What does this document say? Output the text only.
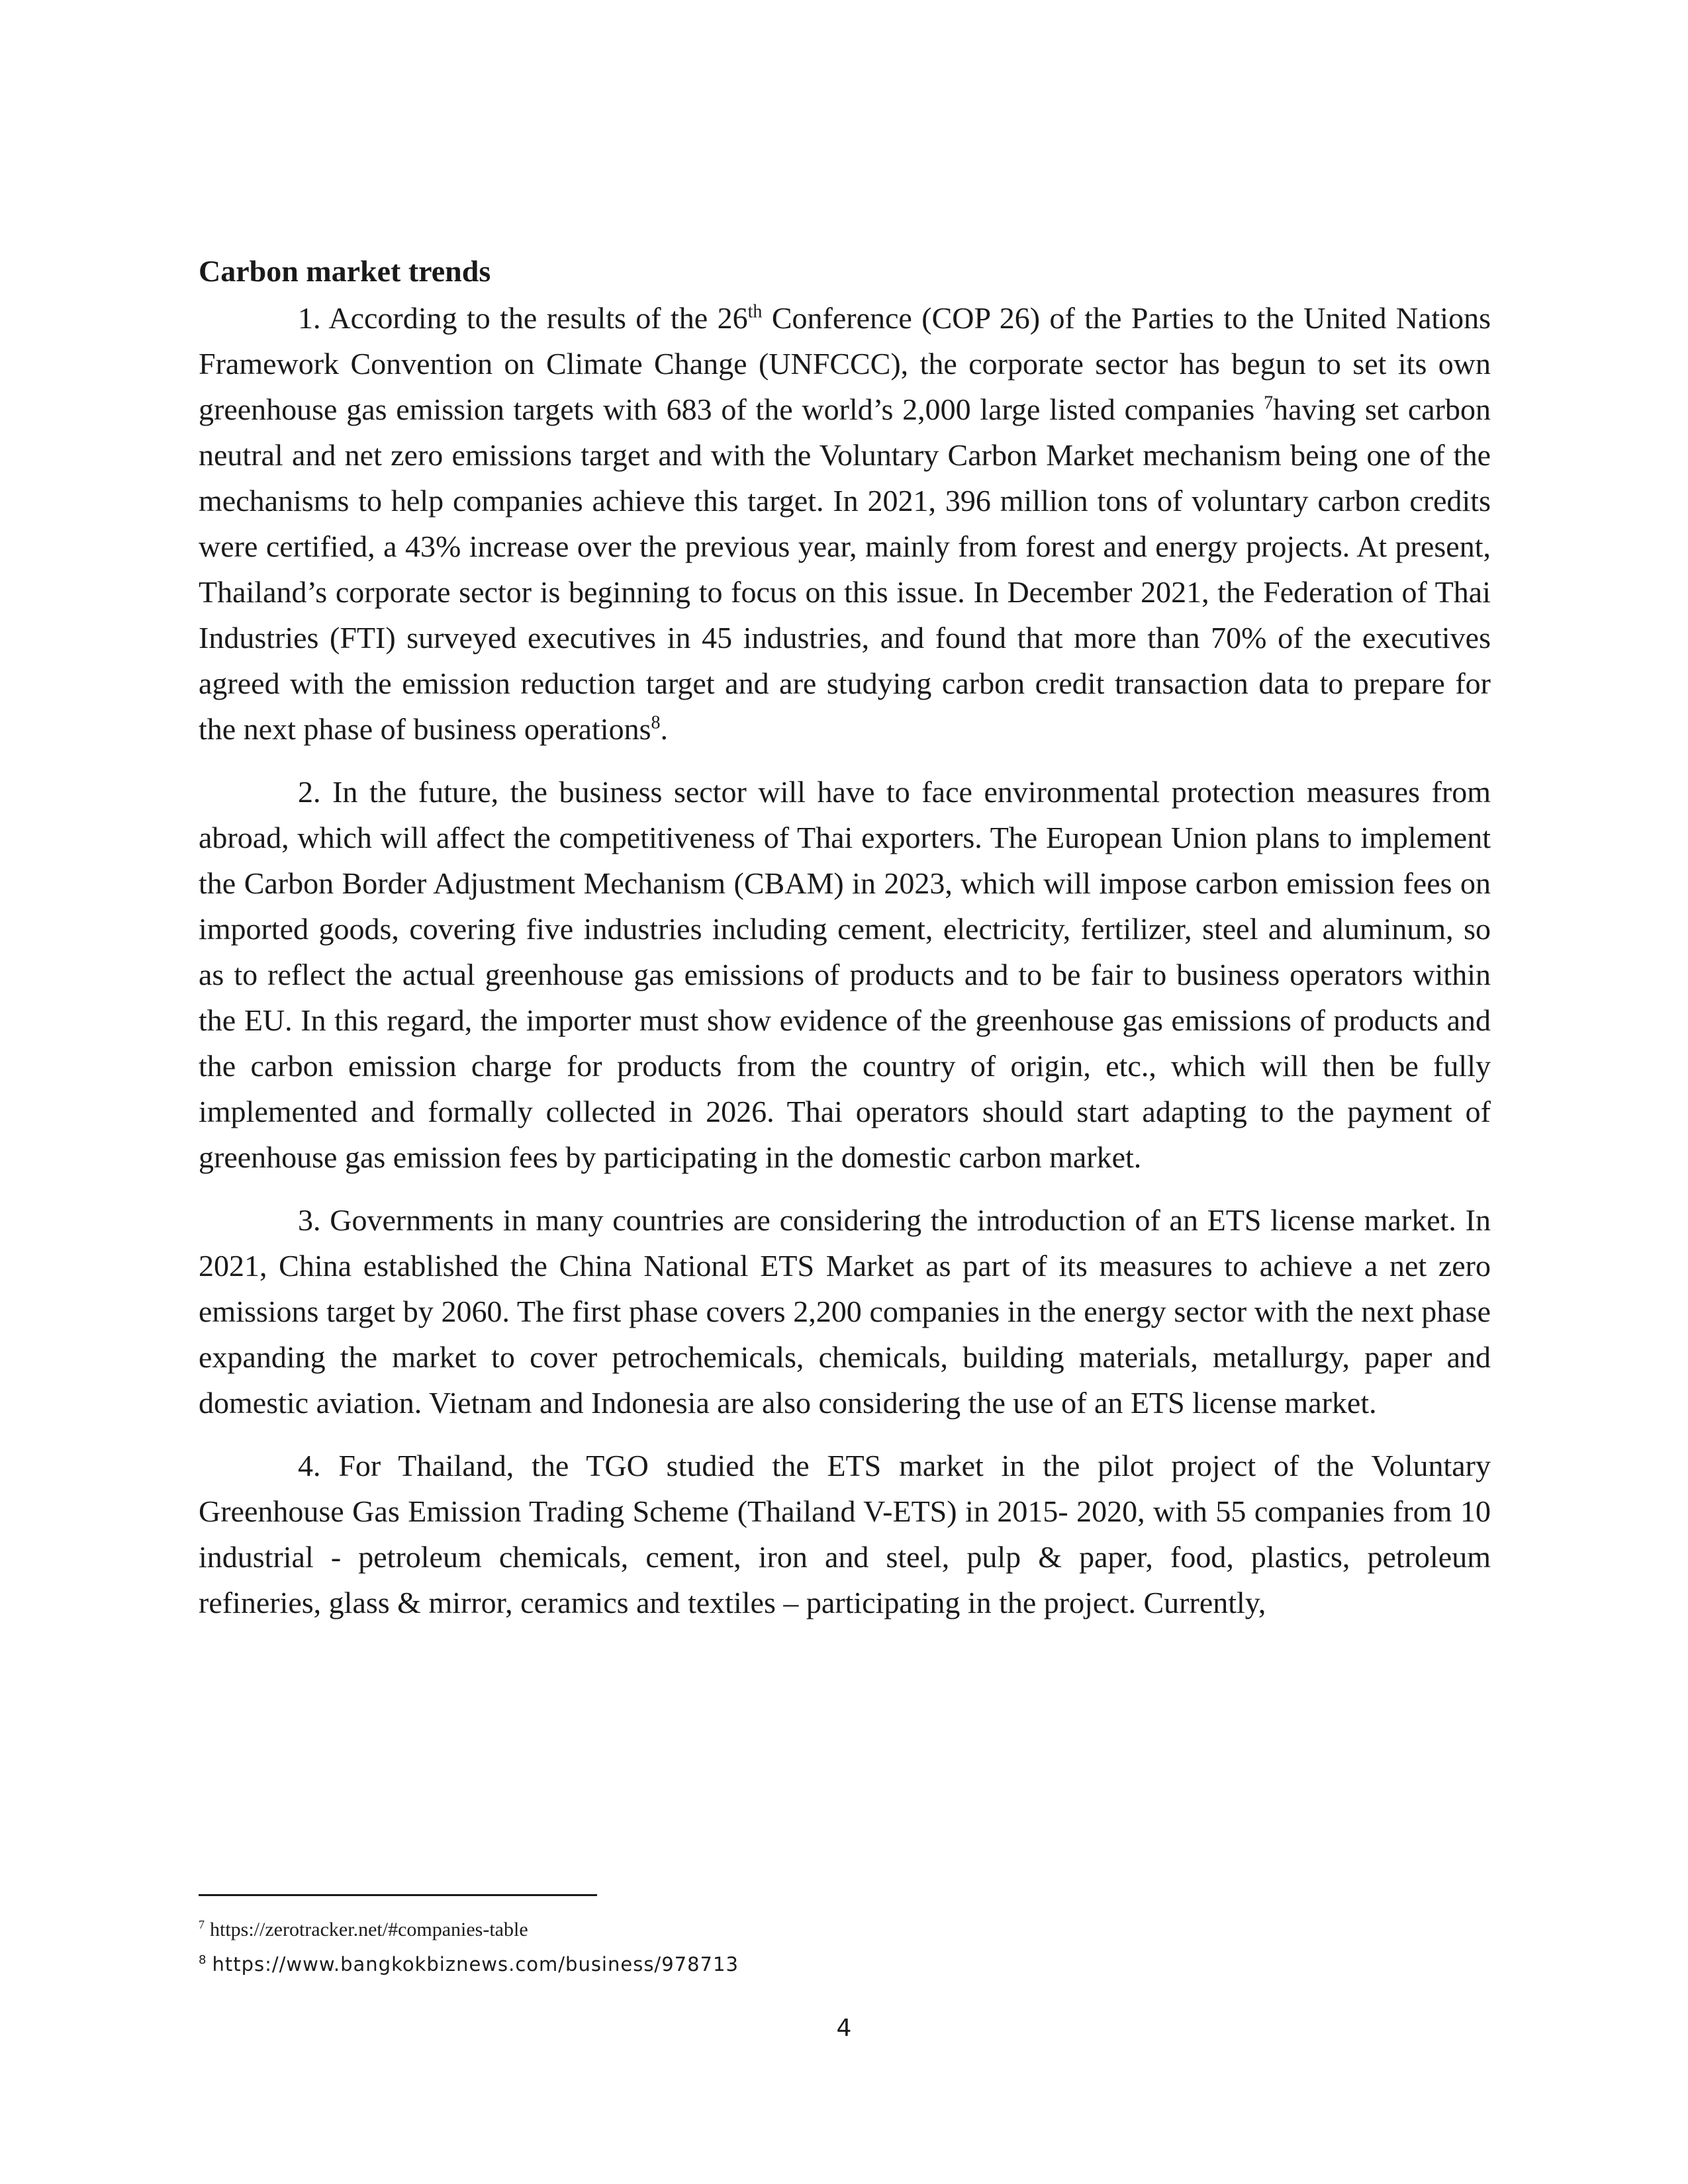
Carbon market trends

1. According to the results of the 26th Conference (COP 26) of the Parties to the United Nations Framework Convention on Climate Change (UNFCCC), the corporate sector has begun to set its own greenhouse gas emission targets with 683 of the world’s 2,000 large listed companies $^7$having set carbon neutral and net zero emissions target and with the Voluntary Carbon Market mechanism being one of the mechanisms to help companies achieve this target. In 2021, 396 million tons of voluntary carbon credits were certified, a 43% increase over the previous year, mainly from forest and energy projects. At present, Thailand’s corporate sector is beginning to focus on this issue. In December 2021, the Federation of Thai Industries (FTI) surveyed executives in 45 industries, and found that more than 70% of the executives agreed with the emission reduction target and are studying carbon credit transaction data to prepare for the next phase of business operations$^8$.

2. In the future, the business sector will have to face environmental protection measures from abroad, which will affect the competitiveness of Thai exporters. The European Union plans to implement the Carbon Border Adjustment Mechanism (CBAM) in 2023, which will impose carbon emission fees on imported goods, covering five industries including cement, electricity, fertilizer, steel and aluminum, so as to reflect the actual greenhouse gas emissions of products and to be fair to business operators within the EU. In this regard, the importer must show evidence of the greenhouse gas emissions of products and the carbon emission charge for products from the country of origin, etc., which will then be fully implemented and formally collected in 2026. Thai operators should start adapting to the payment of greenhouse gas emission fees by participating in the domestic carbon market.

3. Governments in many countries are considering the introduction of an ETS license market. In 2021, China established the China National ETS Market as part of its measures to achieve a net zero emissions target by 2060. The first phase covers 2,200 companies in the energy sector with the next phase expanding the market to cover petrochemicals, chemicals, building materials, metallurgy, paper and domestic aviation. Vietnam and Indonesia are also considering the use of an ETS license market.

4. For Thailand, the TGO studied the ETS market in the pilot project of the Voluntary Greenhouse Gas Emission Trading Scheme (Thailand V-ETS) in 2015- 2020, with 55 companies from 10 industrial - petroleum chemicals, cement, iron and steel, pulp & paper, food, plastics, petroleum refineries, glass & mirror, ceramics and textiles – participating in the project. Currently,

$^7$ https://zerotracker.net/#companies-table

$^8$ https://www.bangkokbiznews.com/business/978713

4
